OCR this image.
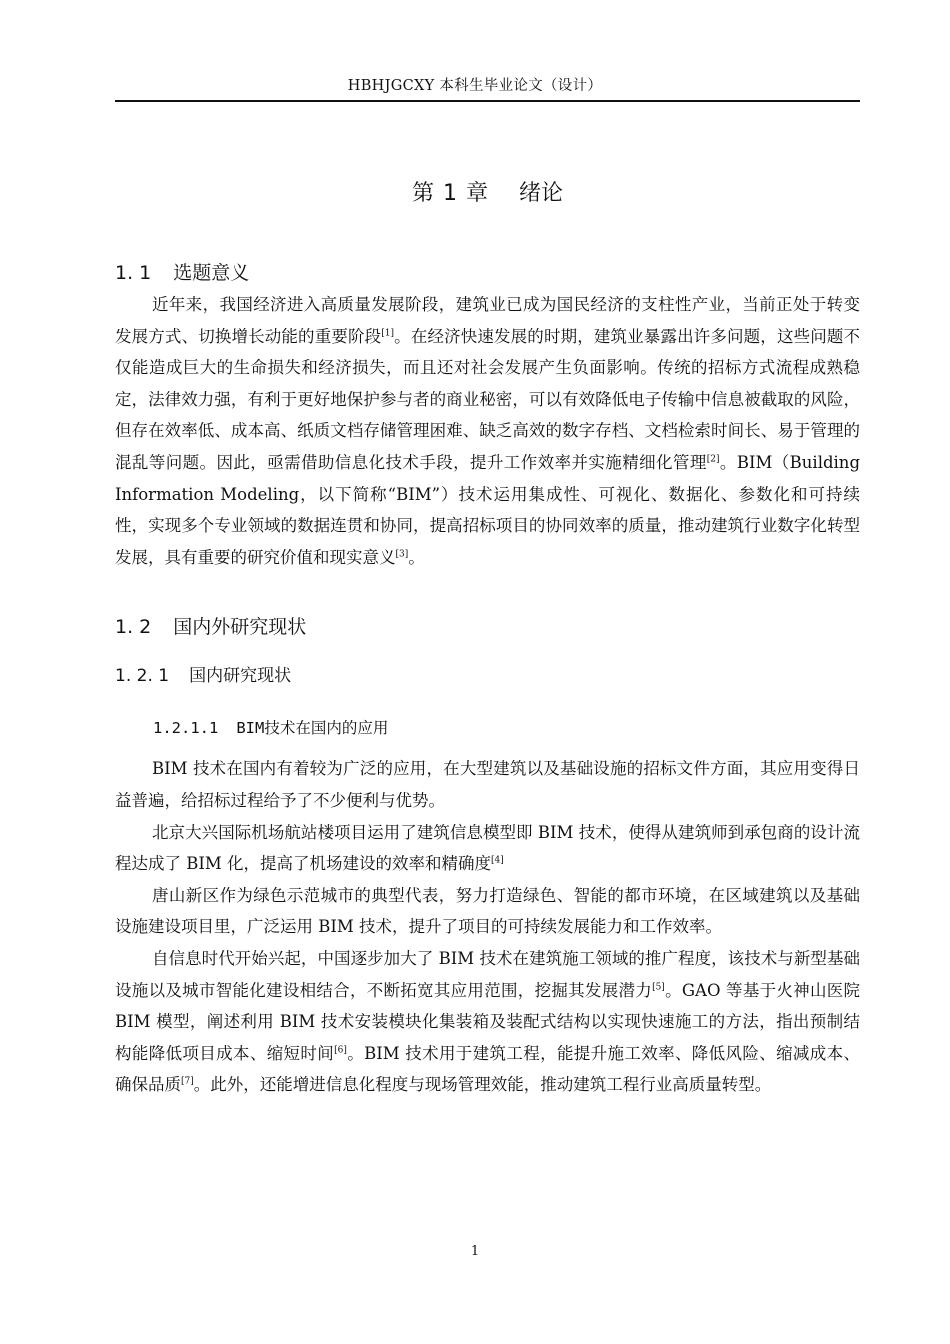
HBHJGCXY 本科生毕业论文（设计）
第 1 章　 绪论
1. 1 选题意义

近年来，我国经济进入高质量发展阶段，建筑业已成为国民经济的支柱性产业，当前正处于转变发展方式、切换增长动能的重要阶段[1]。在经济快速发展的时期，建筑业暴露出许多问题，这些问题不仅能造成巨大的生命损失和经济损失，而且还对社会发展产生负面影响。传统的招标方式流程成熟稳定，法律效力强，有利于更好地保护参与者的商业秘密，可以有效降低电子传输中信息被截取的风险，但存在效率低、成本高、纸质文档存储管理困难、缺乏高效的数字存档、文档检索时间长、易于管理的混乱等问题。因此，亟需借助信息化技术手段，提升工作效率并实施精细化管理[2]。BIM（Building Information Modeling，以下简称“BIM”）技术运用集成性、可视化、数据化、参数化和可持续性，实现多个专业领域的数据连贯和协同，提高招标项目的协同效率的质量，推动建筑行业数字化转型发展，具有重要的研究价值和现实意义[3]。

1. 2 国内外研究现状
1. 2. 1 国内研究现状
1.2.1.1 BIM技术在国内的应用

BIM 技术在国内有着较为广泛的应用，在大型建筑以及基础设施的招标文件方面，其应用变得日益普遍，给招标过程给予了不少便利与优势。

北京大兴国际机场航站楼项目运用了建筑信息模型即 BIM 技术，使得从建筑师到承包商的设计流程达成了 BIM 化，提高了机场建设的效率和精确度[4]

唐山新区作为绿色示范城市的典型代表，努力打造绿色、智能的都市环境，在区域建筑以及基础设施建设项目里，广泛运用 BIM 技术，提升了项目的可持续发展能力和工作效率。

自信息时代开始兴起，中国逐步加大了 BIM 技术在建筑施工领域的推广程度，该技术与新型基础设施以及城市智能化建设相结合，不断拓宽其应用范围，挖掘其发展潜力[5]。GAO 等基于火神山医院 BIM 模型，阐述利用 BIM 技术安装模块化集装箱及装配式结构以实现快速施工的方法，指出预制结构能降低项目成本、缩短时间[6]。BIM 技术用于建筑工程，能提升施工效率、降低风险、缩减成本、确保品质[7]。此外，还能增进信息化程度与现场管理效能，推动建筑工程行业高质量转型。

1
